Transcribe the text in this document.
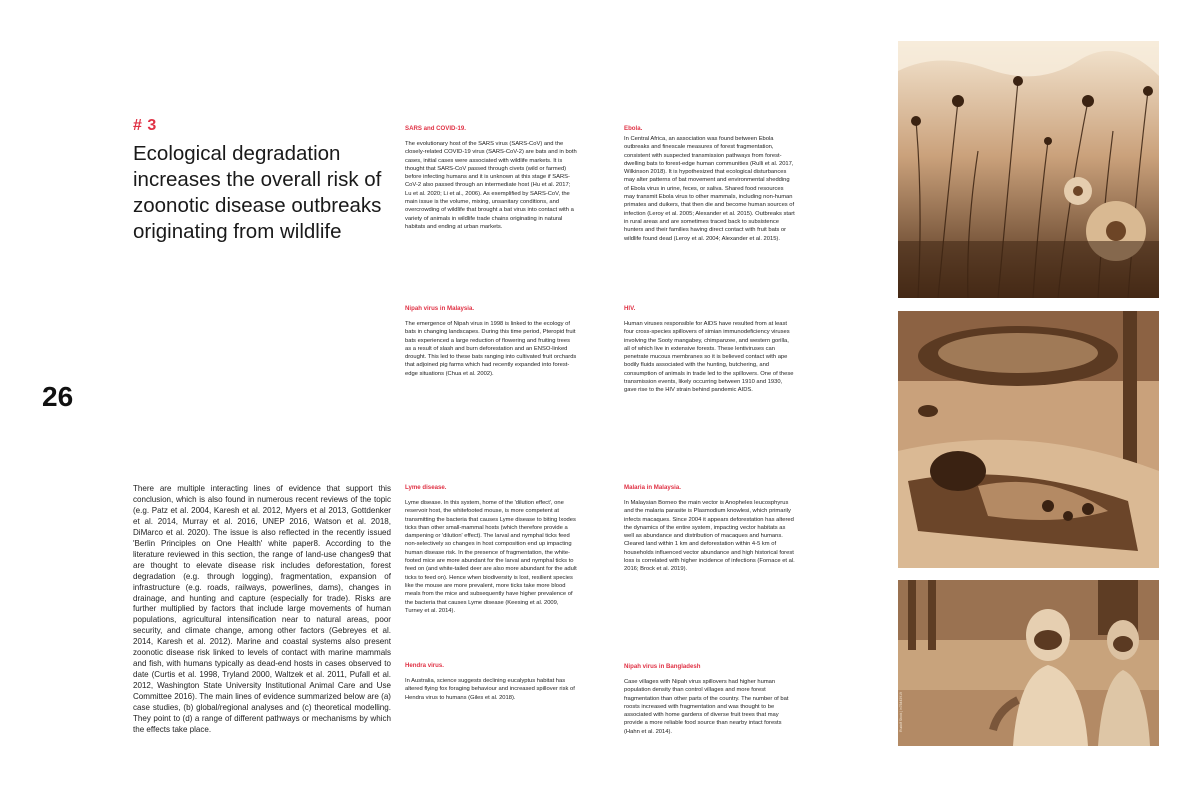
# 3
Ecological degradation increases the overall risk of zoonotic disease outbreaks originating from wildlife
26

There are multiple interacting lines of evidence that support this conclusion, which is also found in numerous recent reviews of the topic (e.g. Patz et al. 2004, Karesh et al. 2012, Myers et al 2013, Gottdenker et al. 2014, Murray et al. 2016, UNEP 2016, Watson et al. 2018, DiMarco et al. 2020). The issue is also reflected in the recently issued 'Berlin Principles on One Health' white paper8. According to the literature reviewed in this section, the range of land-use changes9 that are thought to elevate disease risk includes deforestation, forest degradation (e.g. through logging), fragmentation, expansion of infrastructure (e.g. roads, railways, powerlines, dams), changes in drainage, and hunting and capture (especially for trade). Risks are further multiplied by factors that include large movements of human populations, agricultural intensification near to natural areas, poor security, and climate change, among other factors (Gebreyes et al. 2014, Karesh et al. 2012). Marine and coastal systems also present zoonotic disease risk linked to levels of contact with marine mammals and fish, with humans typically as dead-end hosts in cases observed to date (Curtis et al. 1998, Tryland 2000, Waltzek et al. 2011, Pufall et al. 2012, Washington State University Institutional Animal Care and Use Committee 2016). The main lines of evidence summarized below are (a) case studies, (b) global/regional analyses and (c) theoretical modelling. They point to (d) a range of different pathways or mechanisms by which the effects take place.

SARS and COVID-19.
The evolutionary host of the SARS virus (SARS-CoV) and the closely-related COVID-19 virus (SARS-CoV-2) are bats and in both cases, initial cases were associated with wildlife markets. It is thought that SARS-CoV passed through civets (wild or farmed) before infecting humans and it is unknown at this stage if SARS-CoV-2 also passed through an intermediate host (Hu et al. 2017; Lu et al. 2020; Li et al., 2006). As exemplified by SARS-CoV, the main issue is the volume, mixing, unsanitary conditions, and overcrowding of wildlife that brought a bat virus into contact with a variety of animals in wildlife trade chains originating in natural habitats and ending at urban markets.
Nipah virus in Malaysia.
The emergence of Nipah virus in 1998 is linked to the ecology of bats in changing landscapes. During this time period, Pteropid fruit bats experienced a large reduction of flowering and fruiting trees as a result of slash and burn deforestation and an ENSO-linked drought. This led to these bats ranging into cultivated fruit orchards that adjoined pig farms which had recently expanded into forest-edge situations (Chua et al. 2002).
Lyme disease.
Lyme disease. In this system, home of the 'dilution effect', one reservoir host, the whitefooted mouse, is more competent at transmitting the bacteria that causes Lyme disease to biting Ixodes ticks than other small-mammal hosts (which therefore provide a dampening or 'dilution' effect). The larval and nymphal ticks feed non-selectively so changes in host composition end up impacting human disease risk. In the presence of fragmentation, the white-footed mice are more abundant for the larval and nymphal ticks to feed on (and white-tailed deer are also more abundant for the adult ticks to feed on). Hence when biodiversity is lost, resilient species like the mouse are more prevalent, more ticks take more blood meals from the mice and subsequently have higher prevalence of the bacteria that causes Lyme disease (Keesing et al. 2009, Turney et al. 2014).
Hendra virus.
In Australia, science suggests declining eucalyptus habitat has altered flying fox foraging behaviour and increased spillover risk of Hendra virus to humans (Giles et al. 2018).
Ebola.
In Central Africa, an association was found between Ebola outbreaks and finescale measures of forest fragmentation, consistent with suspected transmission pathways from forest-dwelling bats to forest-edge human communities (Rulli et al. 2017, Wilkinson 2018). It is hypothesized that ecological disturbances may alter patterns of bat movement and environmental shedding of Ebola virus in urine, feces, or saliva. Shared food resources may transmit Ebola virus to other mammals, including non-human primates and duikers, that then die and become human sources of infection (Leroy et al. 2005; Alexander et al. 2015). Outbreaks start in rural areas and are sometimes traced back to subsistence hunters and their families having direct contact with fruit bats or wildlife found dead (Leroy et al. 2004; Alexander et al. 2015).
HIV.
Human viruses responsible for AIDS have resulted from at least four cross-species spillovers of simian immunodeficiency viruses involving the Sooty mangabey, chimpanzee, and western gorilla, all of which live in extensive forests. These lentiviruses can penetrate mucous membranes so it is believed contact with ape bodily fluids associated with the hunting, butchering, and consumption of animals in trade led to the spillovers. One of these transmission events, likely occurring between 1910 and 1930, gave rise to the HIV strain behind pandemic AIDS.
Malaria in Malaysia.
In Malaysian Borneo the main vector is Anopheles leucosphyrus and the malaria parasite is Plasmodium knowlesi, which primarily infects macaques. Since 2004 it appears deforestation has altered the dynamics of the entire system, impacting vector habitats as well as abundance and distribution of macaques and humans. Cleared land within 1 km and deforestation within 4-5 km of households influenced vector abundance and high historical forest loss is correlated with higher incidence of infections (Fornace et al. 2016; Brock et al. 2019).
Nipah virus in Bangladesh
Case villages with Nipah virus spillovers had higher human population density than control villages and more forest fragmentation than other parts of the country. The number of bat roosts increased with fragmentation and was thought to be associated with home gardens of diverse fruit trees that may provide a more reliable food source than nearby intact forests (Hahn et al. 2014).	Rudolf Stock | in78443919
